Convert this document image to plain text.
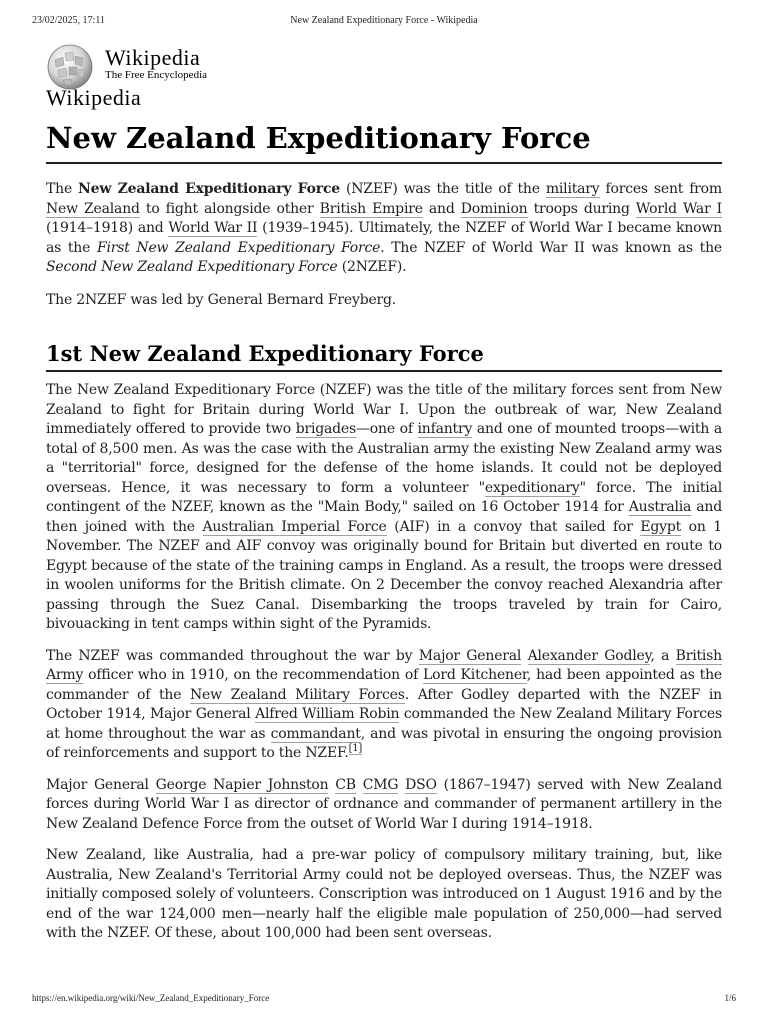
23/02/2025, 17:11	New Zealand Expeditionary Force - Wikipedia
Wikipedia
The Free Encyclopedia
Wikipedia
New Zealand Expeditionary Force

The New Zealand Expeditionary Force (NZEF) was the title of the military forces sent from New Zealand to fight alongside other British Empire and Dominion troops during World War I (1914–1918) and World War II (1939–1945). Ultimately, the NZEF of World War I became known as the First New Zealand Expeditionary Force. The NZEF of World War II was known as the Second New Zealand Expeditionary Force (2NZEF).

The 2NZEF was led by General Bernard Freyberg.

1st New Zealand Expeditionary Force

The New Zealand Expeditionary Force (NZEF) was the title of the military forces sent from New Zealand to fight for Britain during World War I. Upon the outbreak of war, New Zealand immediately offered to provide two brigades—one of infantry and one of mounted troops—with a total of 8,500 men. As was the case with the Australian army the existing New Zealand army was a "territorial" force, designed for the defense of the home islands. It could not be deployed overseas. Hence, it was necessary to form a volunteer "expeditionary" force. The initial contingent of the NZEF, known as the "Main Body," sailed on 16 October 1914 for Australia and then joined with the Australian Imperial Force (AIF) in a convoy that sailed for Egypt on 1 November. The NZEF and AIF convoy was originally bound for Britain but diverted en route to Egypt because of the state of the training camps in England. As a result, the troops were dressed in woolen uniforms for the British climate. On 2 December the convoy reached Alexandria after passing through the Suez Canal. Disembarking the troops traveled by train for Cairo, bivouacking in tent camps within sight of the Pyramids.

The NZEF was commanded throughout the war by Major General Alexander Godley, a British Army officer who in 1910, on the recommendation of Lord Kitchener, had been appointed as the commander of the New Zealand Military Forces. After Godley departed with the NZEF in October 1914, Major General Alfred William Robin commanded the New Zealand Military Forces at home throughout the war as commandant, and was pivotal in ensuring the ongoing provision of reinforcements and support to the NZEF.[1]

Major General George Napier Johnston CB CMG DSO (1867–1947) served with New Zealand forces during World War I as director of ordnance and commander of permanent artillery in the New Zealand Defence Force from the outset of World War I during 1914–1918.

New Zealand, like Australia, had a pre-war policy of compulsory military training, but, like Australia, New Zealand's Territorial Army could not be deployed overseas. Thus, the NZEF was initially composed solely of volunteers. Conscription was introduced on 1 August 1916 and by the end of the war 124,000 men—nearly half the eligible male population of 250,000—had served with the NZEF. Of these, about 100,000 had been sent overseas.

https://en.wikipedia.org/wiki/New_Zealand_Expeditionary_Force	1/6
